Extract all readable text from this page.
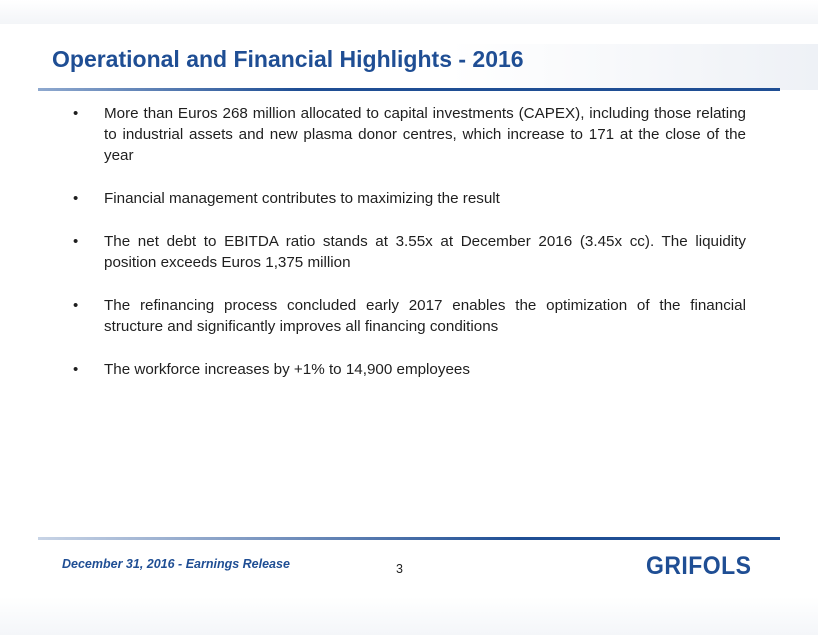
Operational and Financial Highlights - 2016
• More than Euros 268 million allocated to capital investments (CAPEX), including those relating to industrial assets and new plasma donor centres, which increase to 171 at the close of the year
• Financial management contributes to maximizing the result
• The net debt to EBITDA ratio stands at 3.55x at December 2016 (3.45x cc). The liquidity position exceeds Euros 1,375 million
• The refinancing process concluded early 2017 enables the optimization of the financial structure and significantly improves all financing conditions
• The workforce increases by +1% to 14,900 employees
December 31, 2016 - Earnings Release	3	GRIFOLS
